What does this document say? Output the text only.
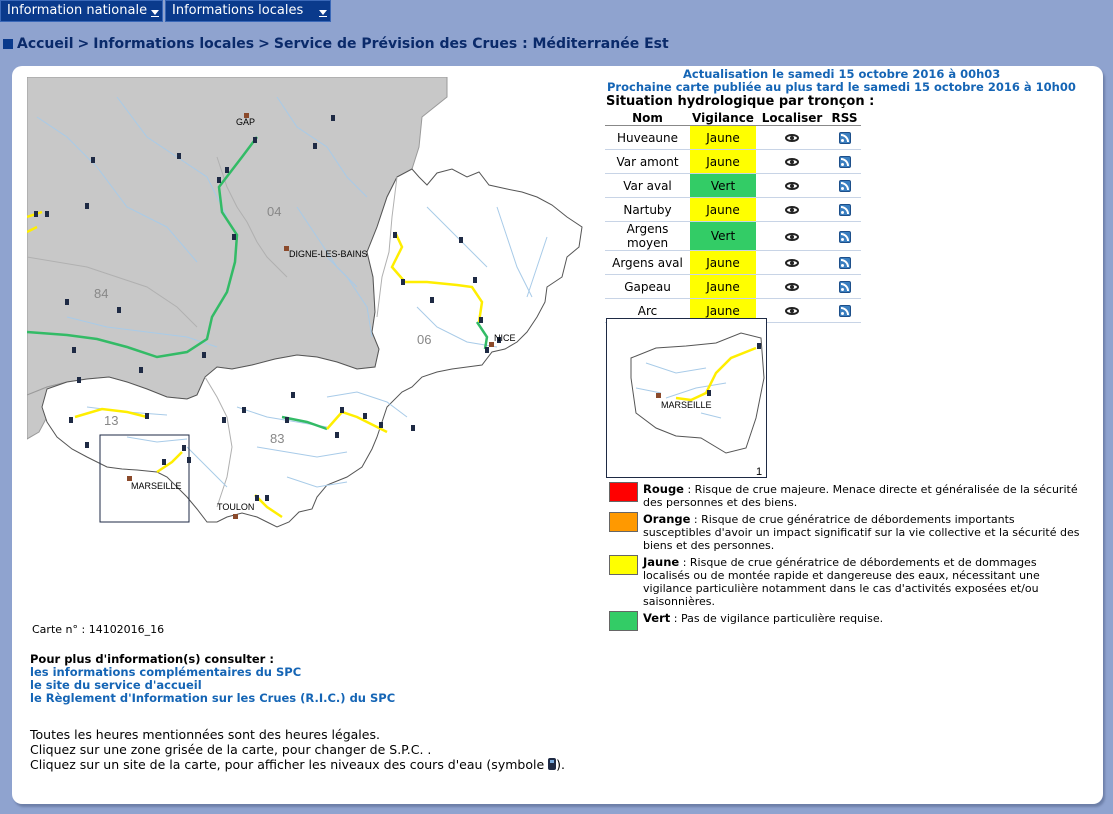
Information nationale	Informations locales
Accueil > Informations locales > Service de Prévision des Crues : Méditerranée Est
GAP
DIGNE-LES-BAINS
NICE
MARSEILLE
TOULON
04
84
06
13
83
Actualisation le samedi 15 octobre 2016 à 00h03
Prochaine carte publiée au plus tard le samedi 15 octobre 2016 à 10h00
Situation hydrologique par tronçon :
Nom	Vigilance	Localiser	RSS
Huveaune	Jaune		
Var amont	Jaune		
Var aval	Vert		
Nartuby	Jaune		
Argens moyen	Vert		
Argens aval	Jaune		
Gapeau	Jaune		
Arc	Jaune		
MARSEILLE
1
Rouge : Risque de crue majeure. Menace directe et généralisée de la sécurité des personnes et des biens.
Orange : Risque de crue génératrice de débordements importants susceptibles d'avoir un impact significatif sur la vie collective et la sécurité des biens et des personnes.
Jaune : Risque de crue génératrice de débordements et de dommages localisés ou de montée rapide et dangereuse des eaux, nécessitant une vigilance particulière notamment dans le cas d'activités exposées et/ou saisonnières.
Vert : Pas de vigilance particulière requise.
Carte n° : 14102016_16
Pour plus d'information(s) consulter :
les informations complémentaires du SPC
le site du service d'accueil
le Règlement d'Information sur les Crues (R.I.C.) du SPC
Toutes les heures mentionnées sont des heures légales.
Cliquez sur une zone grisée de la carte, pour changer de S.P.C. .
Cliquez sur un site de la carte, pour afficher les niveaux des cours d'eau (symbole ).
